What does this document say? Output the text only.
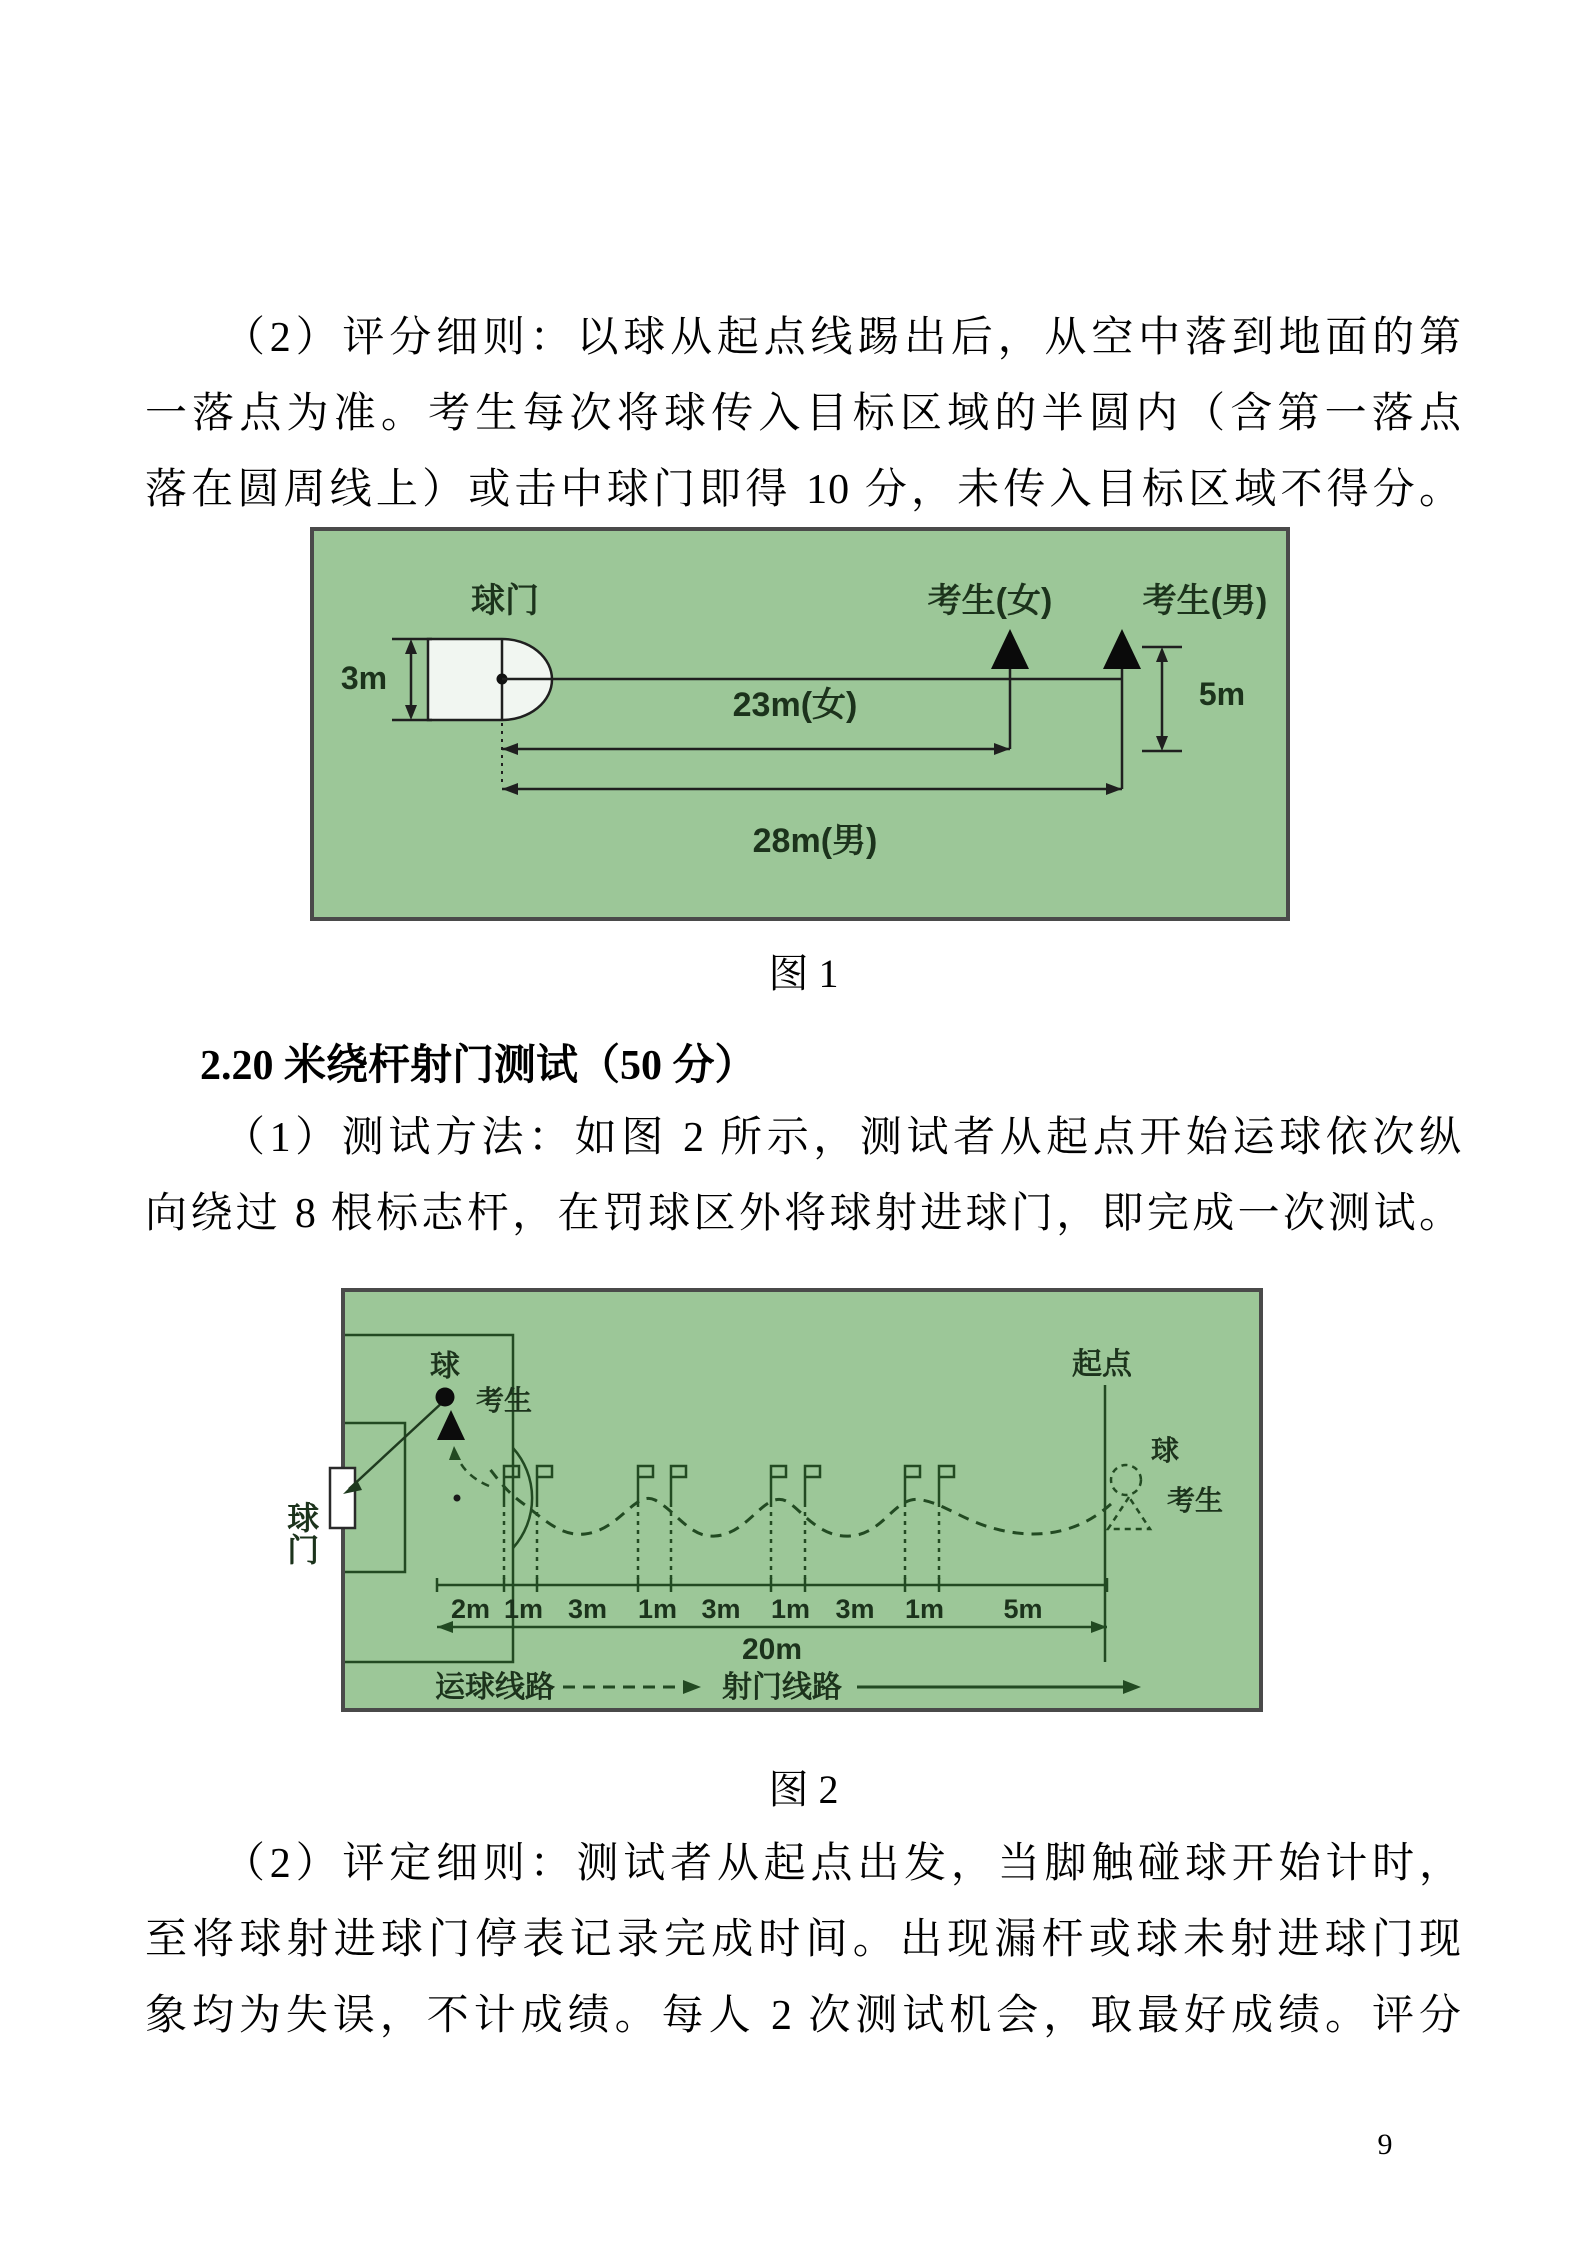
（2）评分细则：以球从起点线踢出后，从空中落到地面的第
一落点为准。考生每次将球传入目标区域的半圆内（含第一落点
落在圆周线上）或击中球门即得 10 分，未传入目标区域不得分。
球门	考生(女)	考生(男)
3m	5m
23m(女)
28m(男)
图 1
2.20 米绕杆射门测试（50 分）
（1）测试方法：如图 2 所示，测试者从起点开始运球依次纵
向绕过 8 根标志杆，在罚球区外将球射进球门，即完成一次测试。
球门
球
考生
起点
球
考生
2m 1m 3m	1m 3m	1m 3m	1m	5m
20m
运球线路	射门线路
图 2
（2）评定细则：测试者从起点出发，当脚触碰球开始计时，
至将球射进球门停表记录完成时间。出现漏杆或球未射进球门现
象均为失误，不计成绩。每人 2 次测试机会，取最好成绩。评分
9
